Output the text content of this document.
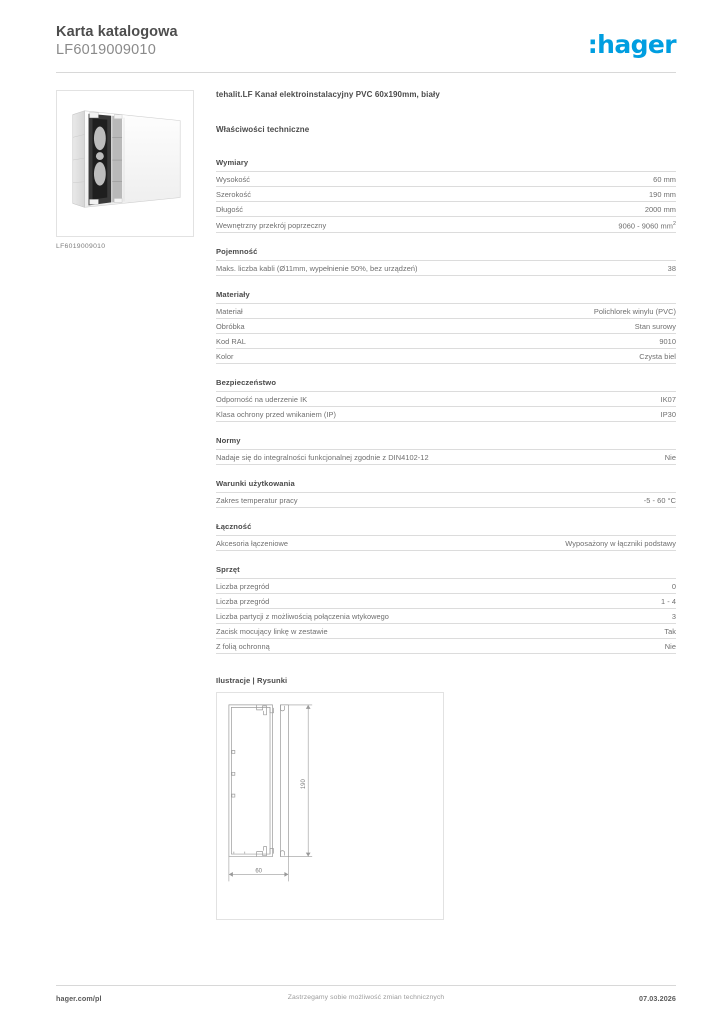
Karta katalogowa
LF6019009010	:hager
LF6019009010
tehalit.LF Kanał elektroinstalacyjny PVC 60x190mm, biały
Właściwości techniczne
Wymiary
Wysokość	60 mm
Szerokość	190 mm
Długość	2000 mm
Wewnętrzny przekrój poprzeczny	9060 - 9060 $mm^2$
Pojemność
Maks. liczba kabli (Ø11mm, wypełnienie 50%, bez urządzeń)	38
Materiały
Materiał	Polichlorek winylu (PVC)
Obróbka	Stan surowy
Kod RAL	9010
Kolor	Czysta biel
Bezpieczeństwo
Odporność na uderzenie IK	IK07
Klasa ochrony przed wnikaniem (IP)	IP30
Normy
Nadaje się do integralności funkcjonalnej zgodnie z DIN4102-12	Nie
Warunki użytkowania
Zakres temperatur pracy	-5 - 60 °C
Łączność
Akcesoria łączeniowe	Wyposażony w łączniki podstawy
Sprzęt
Liczba przegród	0
Liczba przegród	1 - 4
Liczba partycji z możliwością połączenia wtykowego	3
Zacisk mocujący linkę w zestawie	Tak
Z folią ochronną	Nie
Ilustracje | Rysunki
190
60
hager.com/pl	Zastrzegamy sobie możliwość zmian technicznych	07.03.2026
